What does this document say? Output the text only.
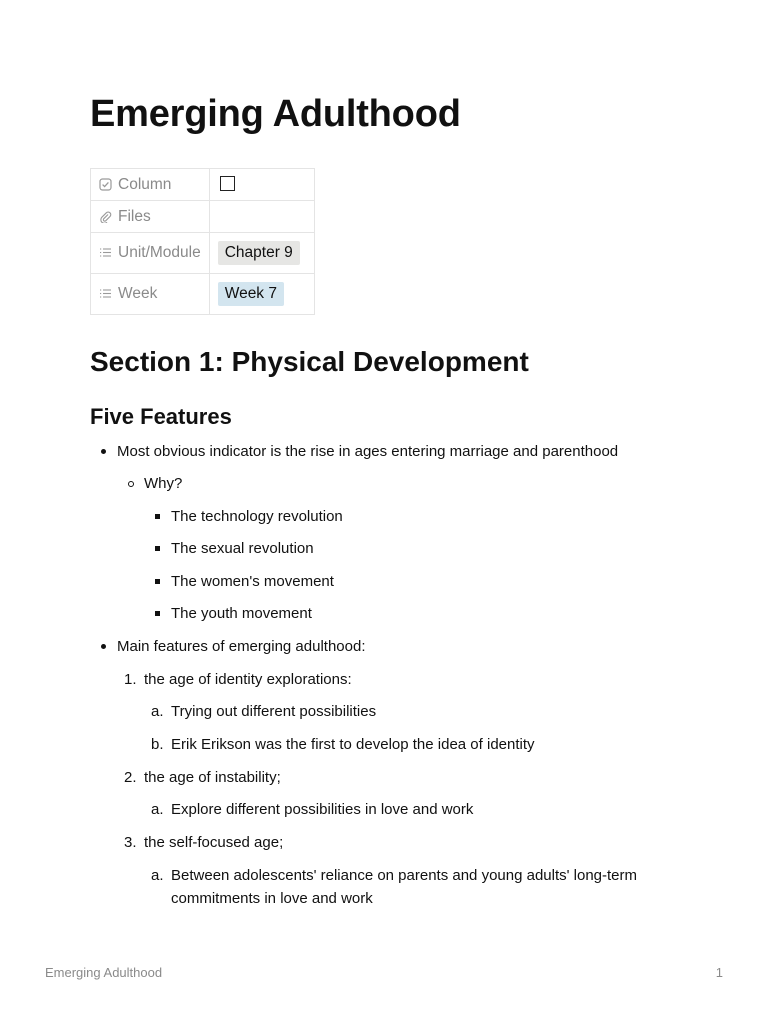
Emerging Adulthood
Column	

Files	

Unit/Module	Chapter 9

Week	Week 7
Section 1: Physical Development
Five Features
Most obvious indicator is the rise in ages entering marriage and parenthood
Why?
The technology revolution
The sexual revolution
The women's movement
The youth movement
Main features of emerging adulthood:
1. the age of identity explorations:
a. Trying out different possibilities
b. Erik Erikson was the first to develop the idea of identity
2. the age of instability;
a. Explore different possibilities in love and work
3. the self-focused age;
a. Between adolescents' reliance on parents and young adults' long-term commitments in love and work
Emerging Adulthood	1
